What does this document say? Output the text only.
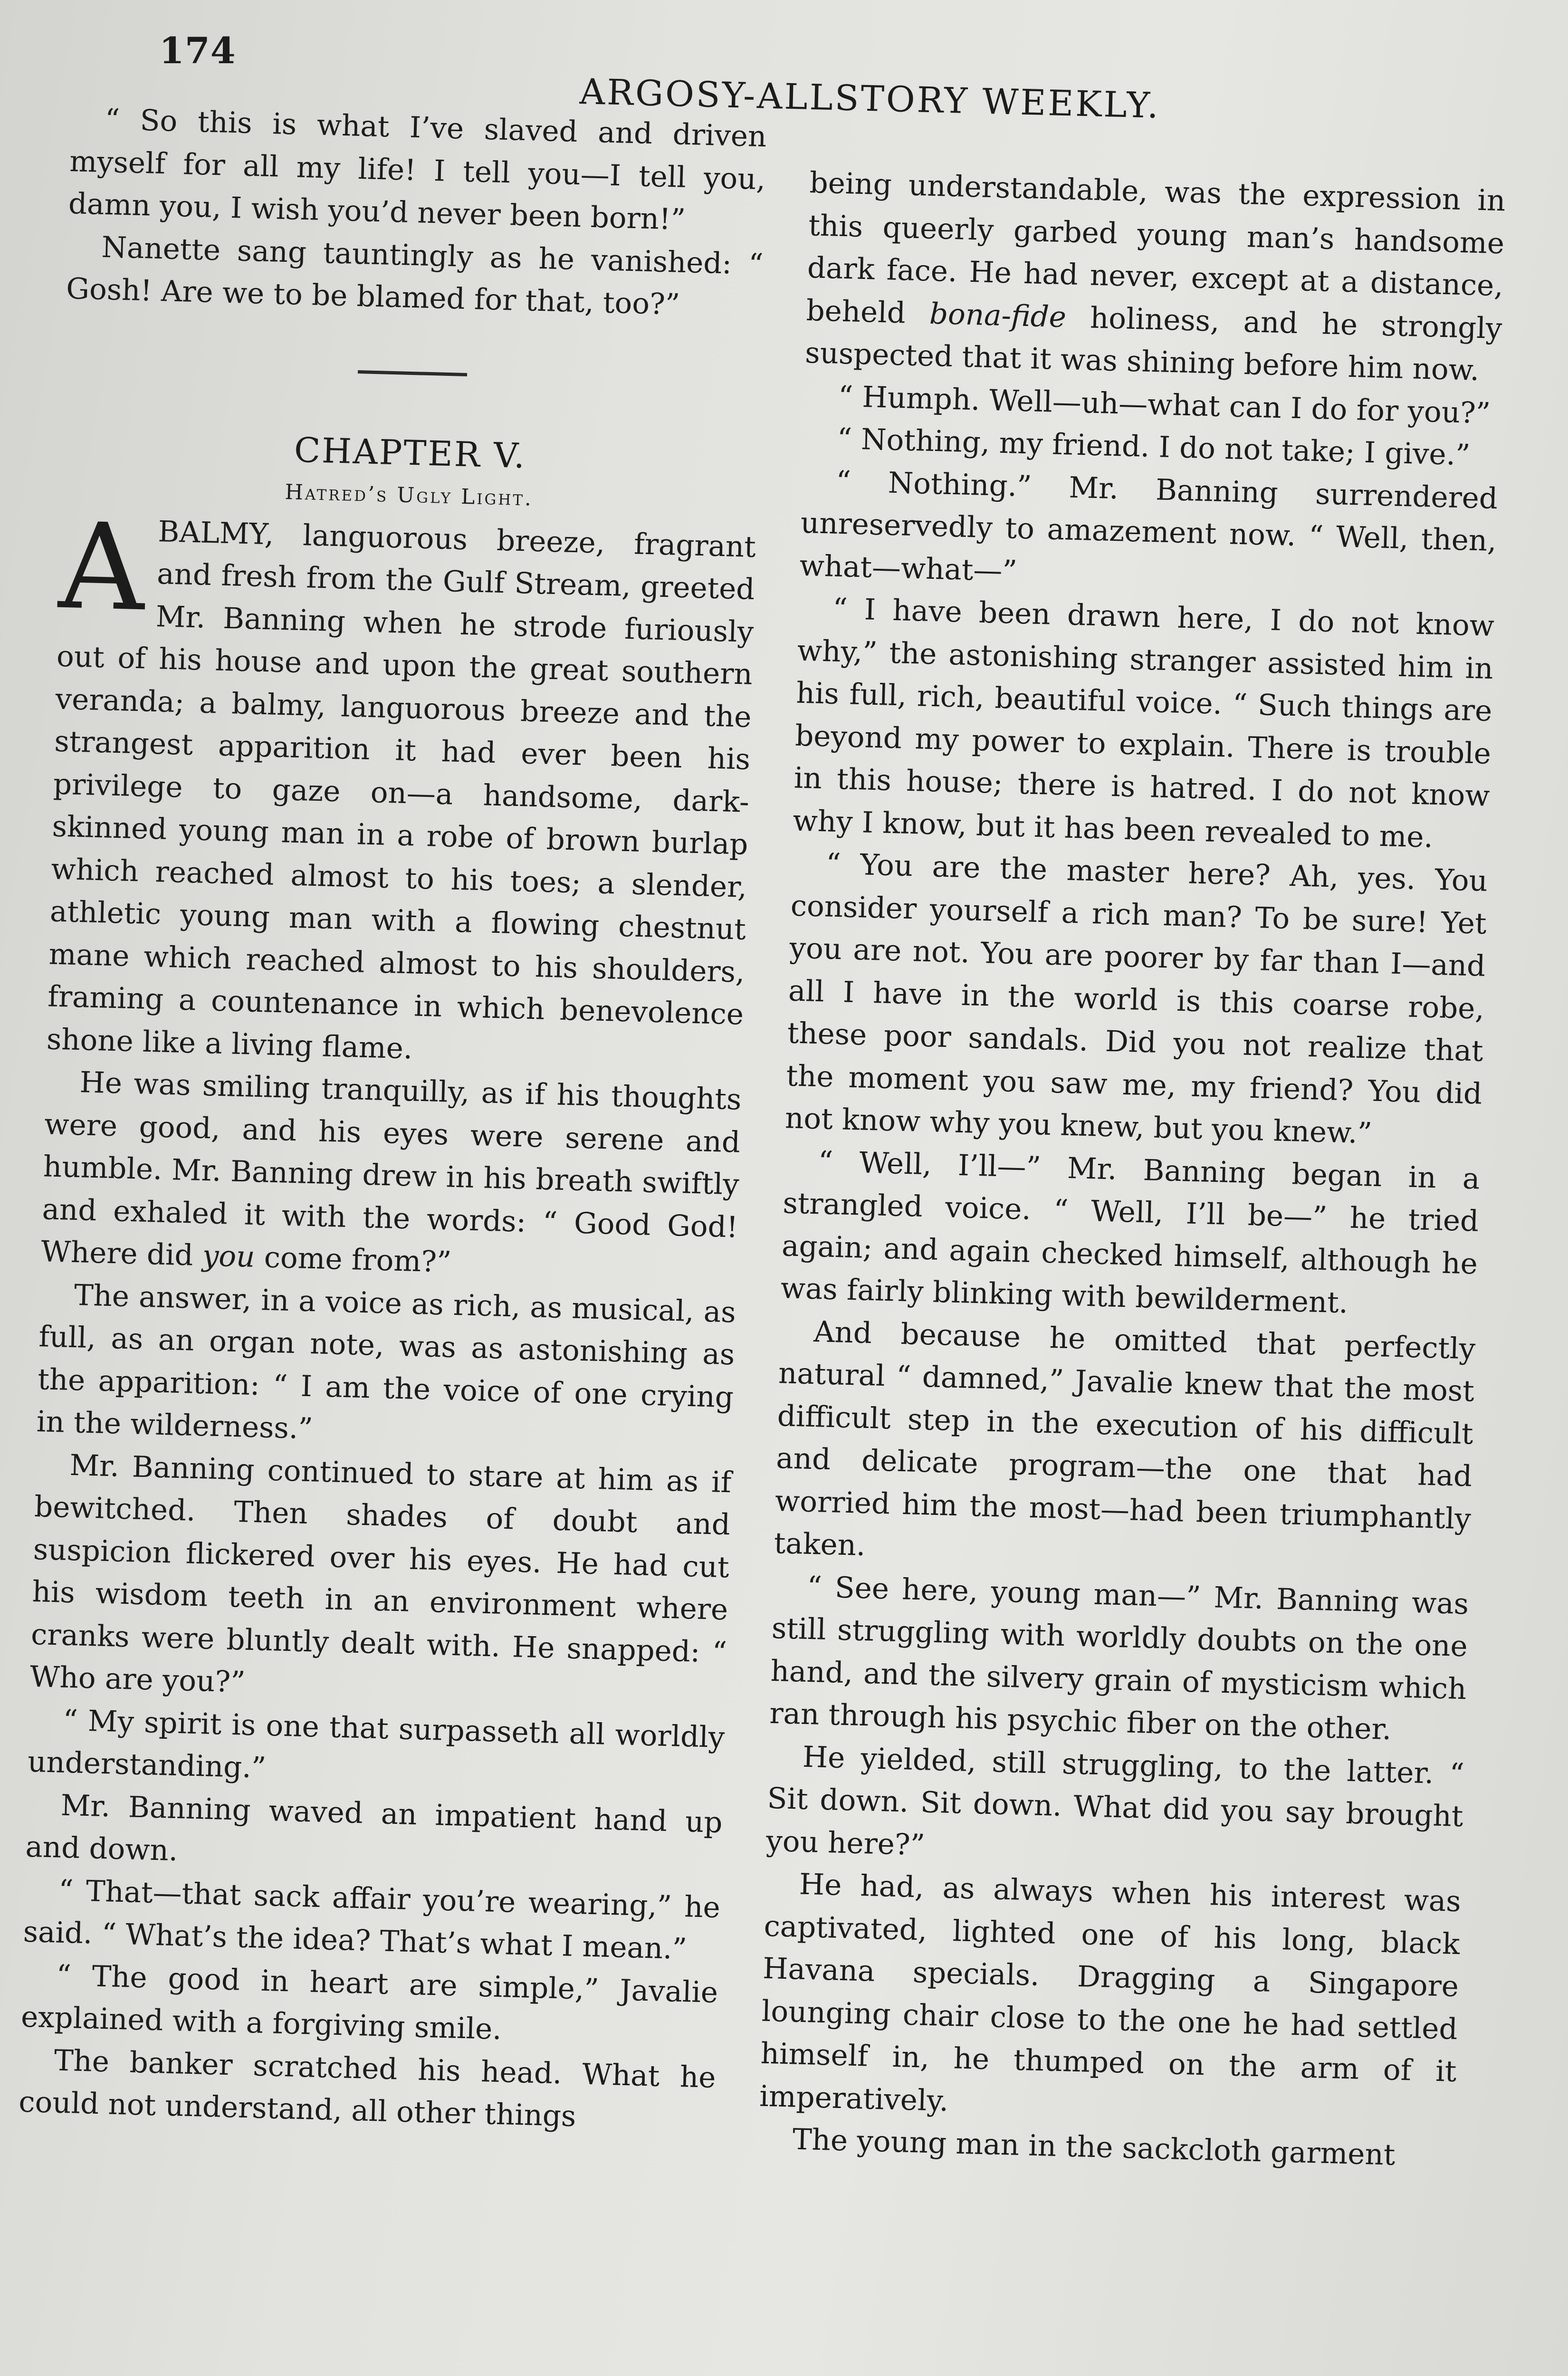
174
ARGOSY-ALLSTORY WEEKLY.

“ So this is what I’ve slaved and driven myself for all my life! I tell you—I tell you, damn you, I wish you’d never been born!”

Nanette sang tauntingly as he vanished: “ Gosh! Are we to be blamed for that, too?”

CHAPTER V.

Hatred’s Ugly Light.

ABALMY, languorous breeze, fragrant and fresh from the Gulf Stream, greeted Mr. Banning when he strode furiously out of his house and upon the great southern veranda; a balmy, languorous breeze and the strangest apparition it had ever been his privilege to gaze on—a handsome, dark-skinned young man in a robe of brown burlap which reached almost to his toes; a slender, athletic young man with a flowing chestnut mane which reached almost to his shoulders, framing a countenance in which benevolence shone like a living flame.

He was smiling tranquilly, as if his thoughts were good, and his eyes were serene and humble. Mr. Banning drew in his breath swiftly and exhaled it with the words: “ Good God! Where did you come from?”

The answer, in a voice as rich, as musical, as full, as an organ note, was as astonishing as the apparition: “ I am the voice of one crying in the wilderness.”

Mr. Banning continued to stare at him as if bewitched. Then shades of doubt and suspicion flickered over his eyes. He had cut his wisdom teeth in an environment where cranks were bluntly dealt with. He snapped: “ Who are you?”

“ My spirit is one that surpasseth all worldly understanding.”

Mr. Banning waved an impatient hand up and down.

“ That—that sack affair you’re wearing,” he said. “ What’s the idea? That’s what I mean.”

“ The good in heart are simple,” Javalie explained with a forgiving smile.

The banker scratched his head. What he could not understand, all other things

being understandable, was the expression in this queerly garbed young man’s handsome dark face. He had never, except at a distance, beheld bona-fide holiness, and he strongly suspected that it was shining before him now.

“ Humph. Well—uh—what can I do for you?”

“ Nothing, my friend. I do not take; I give.”

“ Nothing.” Mr. Banning surrendered unreservedly to amazement now. “ Well, then, what—what—”

“ I have been drawn here, I do not know why,” the astonishing stranger assisted him in his full, rich, beautiful voice. “ Such things are beyond my power to explain. There is trouble in this house; there is hatred. I do not know why I know, but it has been revealed to me.

“ You are the master here? Ah, yes. You consider yourself a rich man? To be sure! Yet you are not. You are poorer by far than I—and all I have in the world is this coarse robe, these poor sandals. Did you not realize that the moment you saw me, my friend? You did not know why you knew, but you knew.”

“ Well, I’ll—” Mr. Banning began in a strangled voice. “ Well, I’ll be—” he tried again; and again checked himself, although he was fairly blinking with bewilderment.

And because he omitted that perfectly natural “ damned,” Javalie knew that the most difficult step in the execution of his difficult and delicate program—the one that had worried him the most—had been triumphantly taken.

“ See here, young man—” Mr. Banning was still struggling with worldly doubts on the one hand, and the silvery grain of mysticism which ran through his psychic fiber on the other.

He yielded, still struggling, to the latter. “ Sit down. Sit down. What did you say brought you here?”

He had, as always when his interest was captivated, lighted one of his long, black Havana specials. Dragging a Singapore lounging chair close to the one he had settled himself in, he thumped on the arm of it imperatively.

The young man in the sackcloth garment
